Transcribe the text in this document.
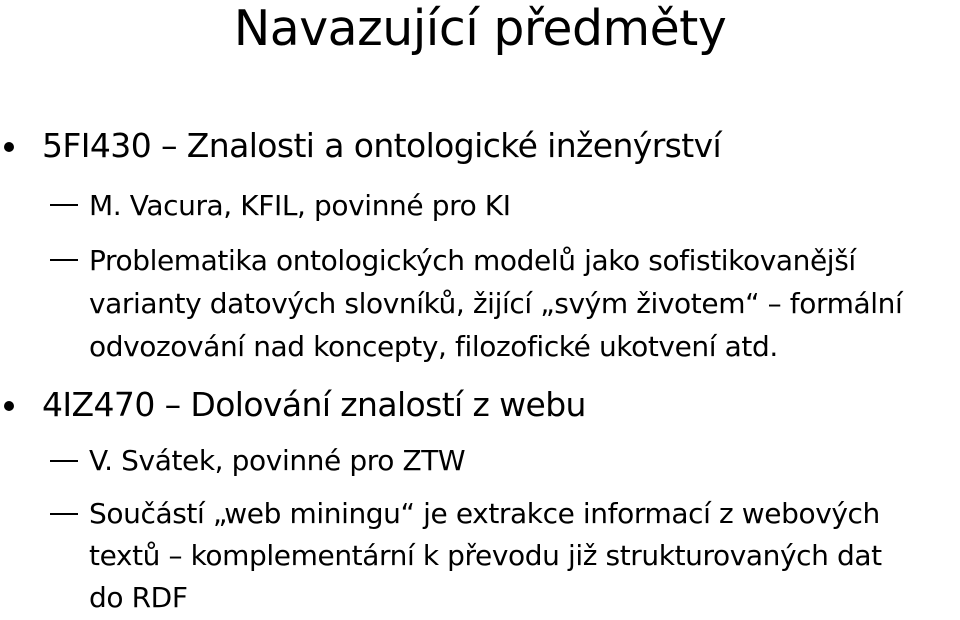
Navazující předměty
5FI430 – Znalosti a ontologické inženýrství
M. Vacura, KFIL, povinné pro KI
Problematika ontologických modelů jako sofistikovanější
varianty datových slovníků, žijící „svým životem“ – formální
odvozování nad koncepty, filozofické ukotvení atd.
4IZ470 – Dolování znalostí z webu
V. Svátek, povinné pro ZTW
Součástí „web miningu“ je extrakce informací z webových
textů – komplementární k převodu již strukturovaných dat
do RDF
